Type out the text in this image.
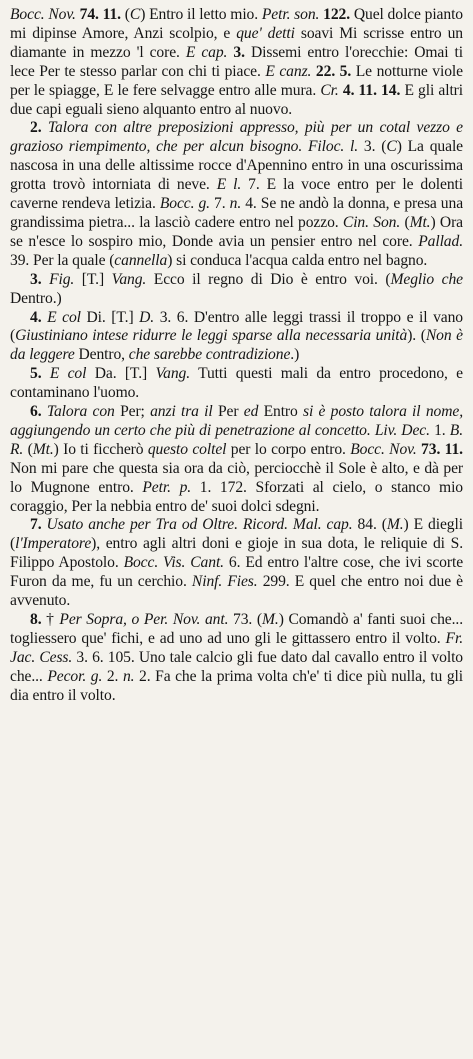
Bocc. Nov. 74. 11. (C) Entro il letto mio. Petr. son. 122. Quel dolce pianto mi dipinse Amore, Anzi scolpio, e que' detti soavi Mi scrisse entro un diamante in mezzo 'l core. E cap. 3. Dissemi entro l'orecchie: Omai ti lece Per te stesso parlar con chi ti piace. E canz. 22. 5. Le notturne viole per le spiagge, E le fere selvagge entro alle mura. Cr. 4. 11. 14. E gli altri due capi eguali sieno alquanto entro al nuovo.

2. Talora con altre preposizioni appresso, più per un cotal vezzo e grazioso riempimento, che per alcun bisogno. Filoc. l. 3. (C) La quale nascosa in una delle altissime rocce d'Apennino entro in una oscurissima grotta trovò intorniata di neve. E l. 7. E la voce entro per le dolenti caverne rendeva letizia. Bocc. g. 7. n. 4. Se ne andò la donna, e presa una grandissima pietra... la lasciò cadere entro nel pozzo. Cin. Son. (Mt.) Ora se n'esce lo sospiro mio, Donde avia un pensier entro nel core. Pallad. 39. Per la quale (cannella) si conduca l'acqua calda entro nel bagno.

3. Fig. [T.] Vang. Ecco il regno di Dio è entro voi. (Meglio che Dentro.)

4. E col Di. [T.] D. 3. 6. D'entro alle leggi trassi il troppo e il vano (Giustiniano intese ridurre le leggi sparse alla necessaria unità). (Non è da leggere Dentro, che sarebbe contradizione.)

5. E col Da. [T.] Vang. Tutti questi mali da entro procedono, e contaminano l'uomo.

6. Talora con Per; anzi tra il Per ed Entro si è posto talora il nome, aggiungendo un certo che più di penetrazione al concetto. Liv. Dec. 1. B. R. (Mt.) Io ti ficcherò questo coltel per lo corpo entro. Bocc. Nov. 73. 11. Non mi pare che questa sia ora da ciò, perciocchè il Sole è alto, e dà per lo Mugnone entro. Petr. p. 1. 172. Sforzati al cielo, o stanco mio coraggio, Per la nebbia entro de' suoi dolci sdegni.

7. Usato anche per Tra od Oltre. Ricord. Mal. cap. 84. (M.) E diegli (l'Imperatore), entro agli altri doni e gioje in sua dota, le reliquie di S. Filippo Apostolo. Bocc. Vis. Cant. 6. Ed entro l'altre cose, che ivi scorte Furon da me, fu un cerchio. Ninf. Fies. 299. E quel che entro noi due è avvenuto.

8. † Per Sopra, o Per. Nov. ant. 73. (M.) Comandò a' fanti suoi che... togliessero que' fichi, e ad uno ad uno gli le gittassero entro il volto. Fr. Jac. Cess. 3. 6. 105. Uno tale calcio gli fue dato dal cavallo entro il volto che... Pecor. g. 2. n. 2. Fa che la prima volta ch'e' ti dice più nulla, tu gli dia entro il volto.
